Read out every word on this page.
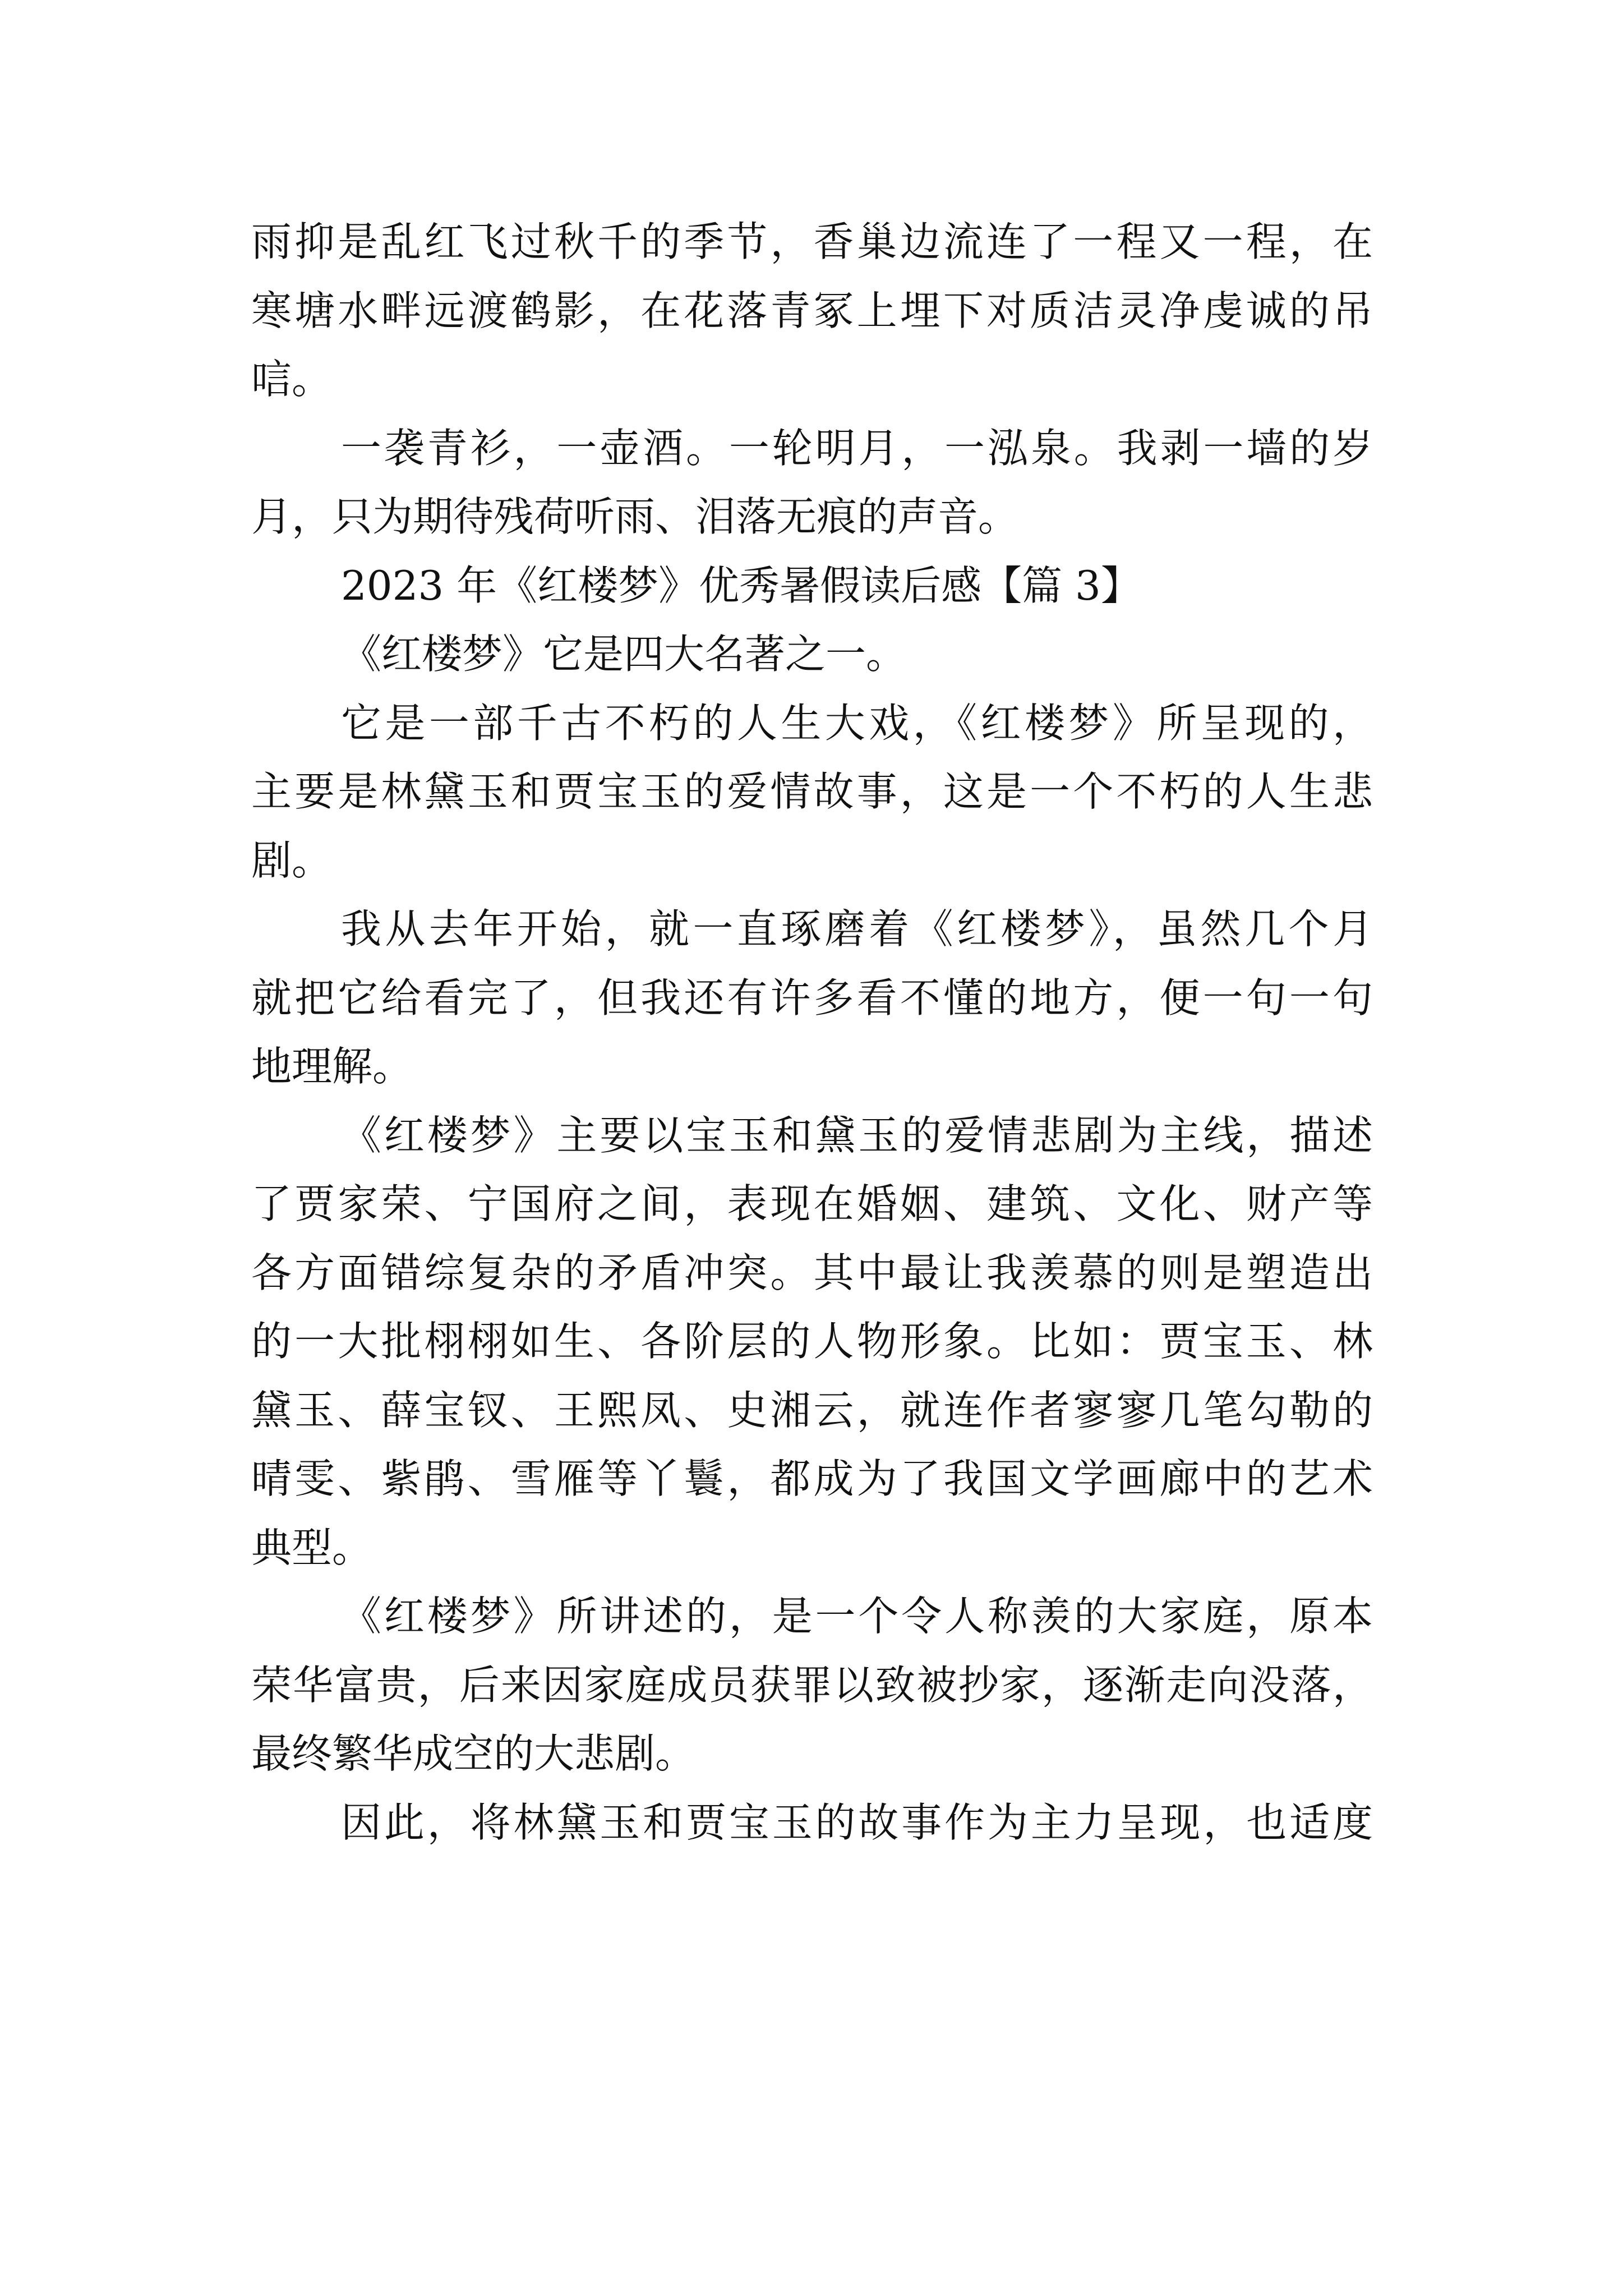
雨抑是乱红飞过秋千的季节，香巢边流连了一程又一程，在
寒塘水畔远渡鹤影，在花落青冢上埋下对质洁灵净虔诚的吊
唁。
一袭青衫，一壶酒。一轮明月，一泓泉。我剥一墙的岁
月，只为期待残荷听雨、泪落无痕的声音。
2023 年《红楼梦》优秀暑假读后感【篇 3】
《红楼梦》它是四大名著之一。
它是一部千古不朽的人生大戏，《红楼梦》所呈现的，
主要是林黛玉和贾宝玉的爱情故事，这是一个不朽的人生悲
剧。
我从去年开始，就一直琢磨着《红楼梦》，虽然几个月
就把它给看完了，但我还有许多看不懂的地方，便一句一句
地理解。
《红楼梦》主要以宝玉和黛玉的爱情悲剧为主线，描述
了贾家荣、宁国府之间，表现在婚姻、建筑、文化、财产等
各方面错综复杂的矛盾冲突。其中最让我羡慕的则是塑造出
的一大批栩栩如生、各阶层的人物形象。比如：贾宝玉、林
黛玉、薛宝钗、王熙凤、史湘云，就连作者寥寥几笔勾勒的
晴雯、紫鹃、雪雁等丫鬟，都成为了我国文学画廊中的艺术
典型。
《红楼梦》所讲述的，是一个令人称羡的大家庭，原本
荣华富贵，后来因家庭成员获罪以致被抄家，逐渐走向没落，
最终繁华成空的大悲剧。
因此，将林黛玉和贾宝玉的故事作为主力呈现，也适度
